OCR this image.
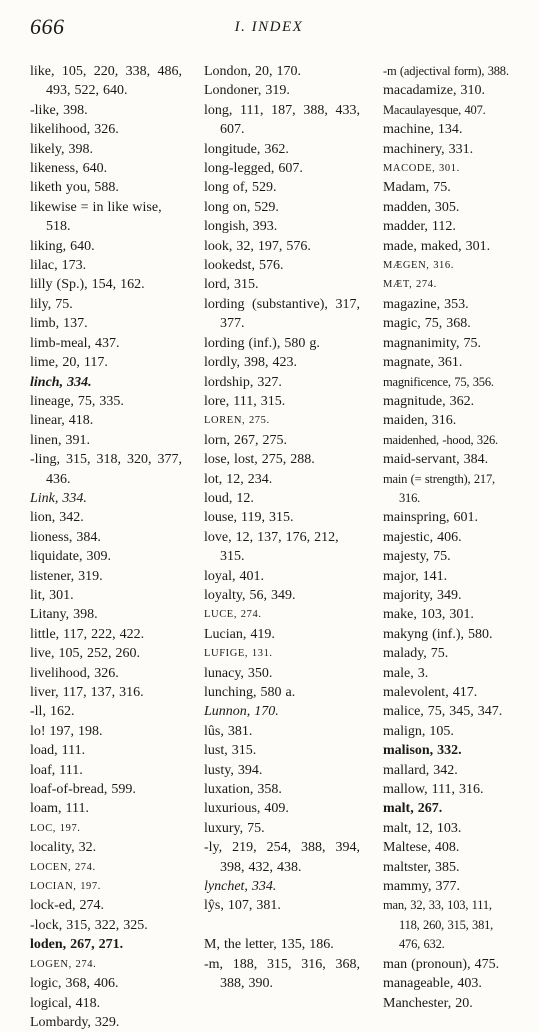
666	I. INDEX

like, 105, 220, 338, 486, 493, 522, 640.

-like, 398.

likelihood, 326.

likely, 398.

likeness, 640.

liketh you, 588.

likewise = in like wise, 518.

liking, 640.

lilac, 173.

lilly (Sp.), 154, 162.

lily, 75.

limb, 137.

limb-meal, 437.

lime, 20, 117.

linch, 334.

lineage, 75, 335.

linear, 418.

linen, 391.

-ling, 315, 318, 320, 377, 436.

Link, 334.

lion, 342.

lioness, 384.

liquidate, 309.

listener, 319.

lit, 301.

Litany, 398.

little, 117, 222, 422.

live, 105, 252, 260.

livelihood, 326.

liver, 117, 137, 316.

-ll, 162.

lo! 197, 198.

load, 111.

loaf, 111.

loaf-of-bread, 599.

loam, 111.

LOC, 197.

locality, 32.

LOCEN, 274.

LOCIAN, 197.

lock-ed, 274.

-lock, 315, 322, 325.

loden, 267, 271.

LOGEN, 274.

logic, 368, 406.

logical, 418.

Lombardy, 329.

London, 20, 170.

Londoner, 319.

long, 111, 187, 388, 433, 607.

longitude, 362.

long-legged, 607.

long of, 529.

long on, 529.

longish, 393.

look, 32, 197, 576.

lookedst, 576.

lord, 315.

lording (substantive), 317, 377.

lording (inf.), 580 g.

lordly, 398, 423.

lordship, 327.

lore, 111, 315.

LOREN, 275.

lorn, 267, 275.

lose, lost, 275, 288.

lot, 12, 234.

loud, 12.

louse, 119, 315.

love, 12, 137, 176, 212, 315.

loyal, 401.

loyalty, 56, 349.

LUCE, 274.

Lucian, 419.

LUFIGE, 131.

lunacy, 350.

lunching, 580 a.

Lunnon, 170.

lûs, 381.

lust, 315.

lusty, 394.

luxation, 358.

luxurious, 409.

luxury, 75.

-ly, 219, 254, 388, 394, 398, 432, 438.

lynchet, 334.

lŷs, 107, 381.

M, the letter, 135, 186.

-m, 188, 315, 316, 368, 388, 390.

-m (adjectival form), 388.

macadamize, 310.

Macaulayesque, 407.

machine, 134.

machinery, 331.

MACODE, 301.

Madam, 75.

madden, 305.

madder, 112.

made, maked, 301.

MÆGEN, 316.

MÆT, 274.

magazine, 353.

magic, 75, 368.

magnanimity, 75.

magnate, 361.

magnificence, 75, 356.

magnitude, 362.

maiden, 316.

maidenhed, -hood, 326.

maid-servant, 384.

main (= strength), 217, 316.

mainspring, 601.

majestic, 406.

majesty, 75.

major, 141.

majority, 349.

make, 103, 301.

makyng (inf.), 580.

malady, 75.

male, 3.

malevolent, 417.

malice, 75, 345, 347.

malign, 105.

malison, 332.

mallard, 342.

mallow, 111, 316.

malt, 267.

malt, 12, 103.

Maltese, 408.

maltster, 385.

mammy, 377.

man, 32, 33, 103, 111, 118, 260, 315, 381, 476, 632.

man (pronoun), 475.

manageable, 403.

Manchester, 20.
